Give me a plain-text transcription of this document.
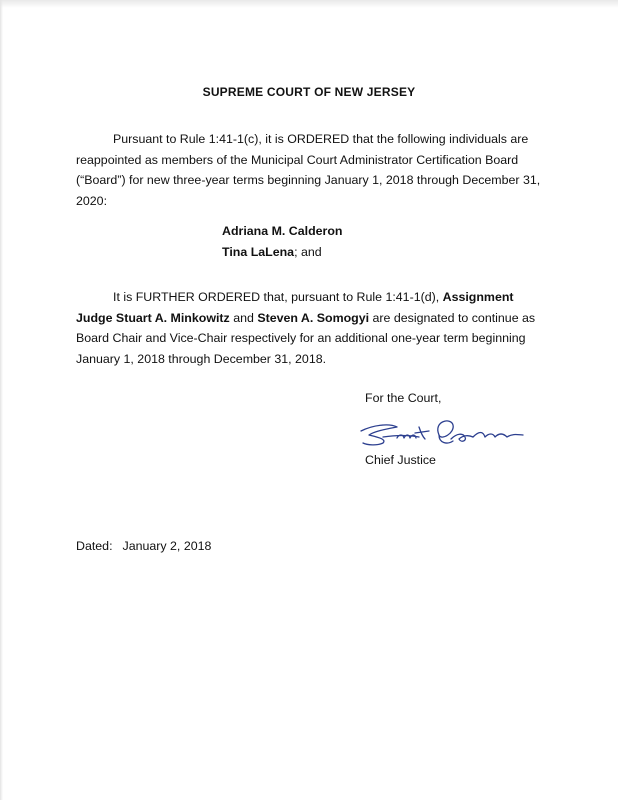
SUPREME COURT OF NEW JERSEY

Pursuant to Rule 1:41-1(c), it is ORDERED that the following individuals are reappointed as members of the Municipal Court Administrator Certification Board (“Board”) for new three-year terms beginning January 1, 2018 through December 31, 2020:

Adriana M. Calderon
Tina LaLena; and

It is FURTHER ORDERED that, pursuant to Rule 1:41-1(d), Assignment Judge Stuart A. Minkowitz and Steven A. Somogyi are designated to continue as Board Chair and Vice-Chair respectively for an additional one-year term beginning January 1, 2018 through December 31, 2018.

For the Court,
Chief Justice
Dated: January 2, 2018
